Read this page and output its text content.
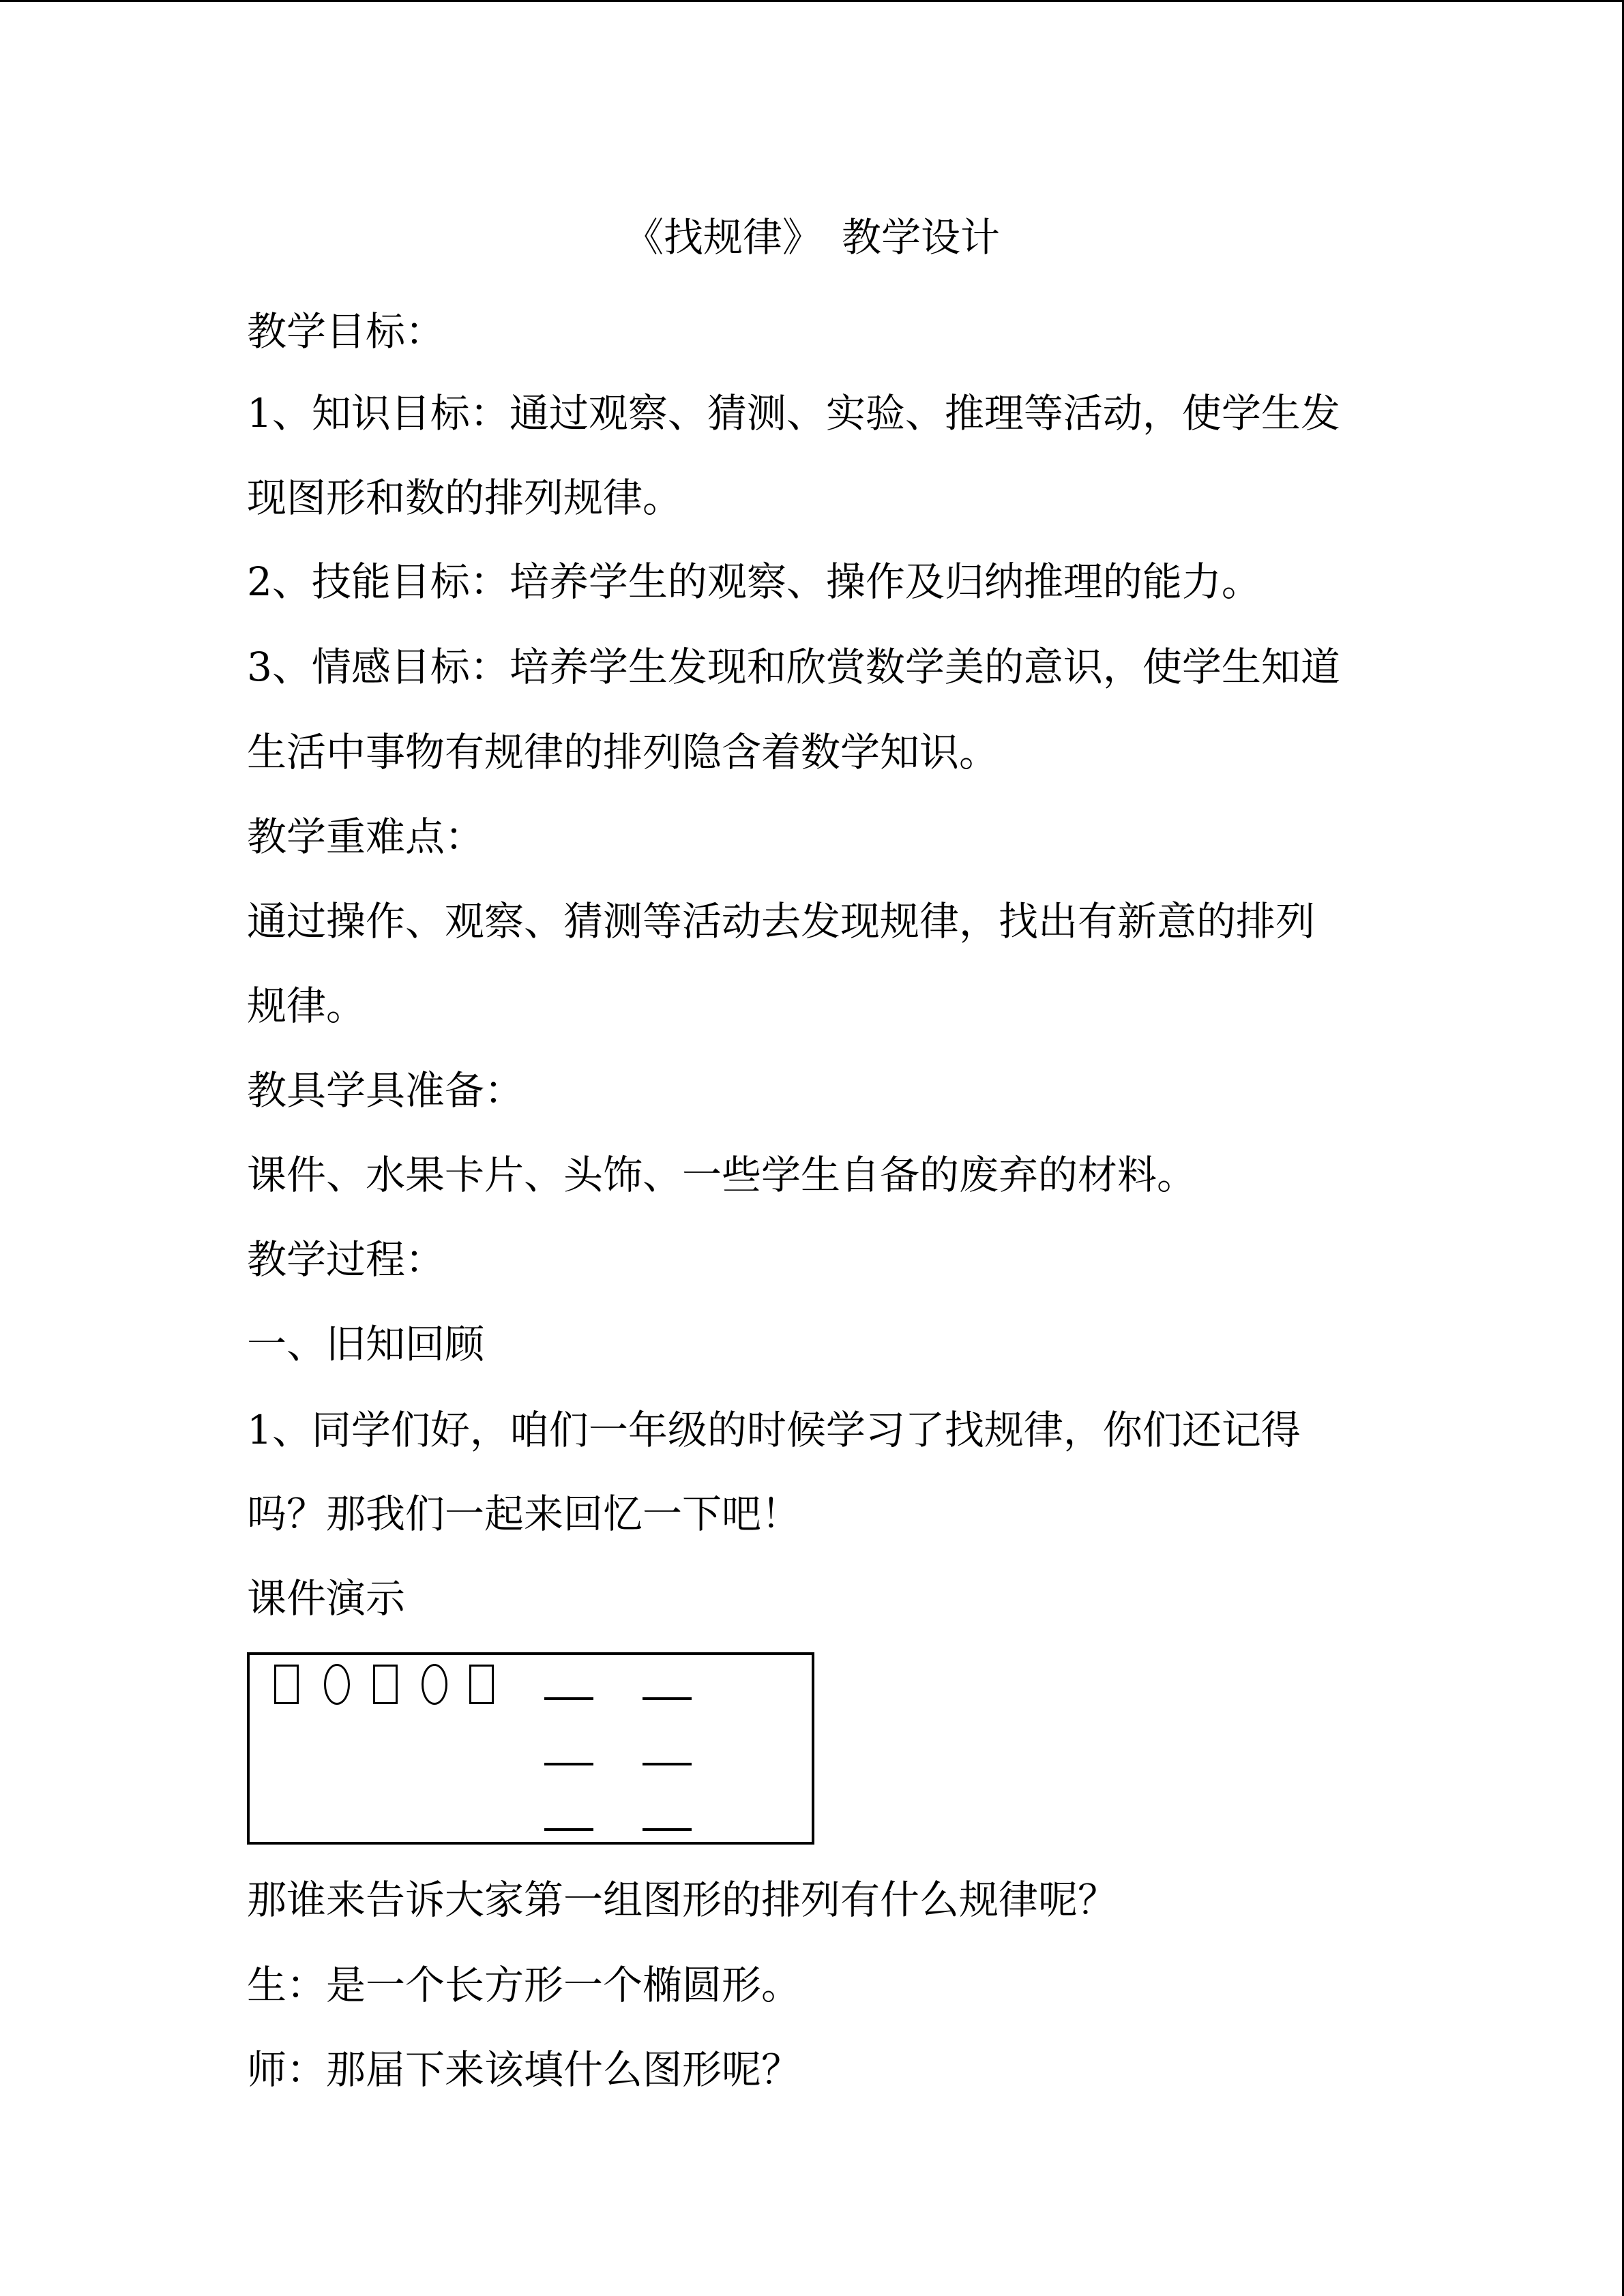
《找规律》　教学设计
教学目标：
1、知识目标：通过观察、猜测、实验、推理等活动，使学生发
现图形和数的排列规律。
2、技能目标：培养学生的观察、操作及归纳推理的能力。
3、情感目标：培养学生发现和欣赏数学美的意识，使学生知道
生活中事物有规律的排列隐含着数学知识。
教学重难点：
通过操作、观察、猜测等活动去发现规律，找出有新意的排列
规律。
教具学具准备：
课件、水果卡片、头饰、一些学生自备的废弃的材料。
教学过程：
一、旧知回顾
1、同学们好，咱们一年级的时候学习了找规律，你们还记得
吗？那我们一起来回忆一下吧！
课件演示
那谁来告诉大家第一组图形的排列有什么规律呢？
生：是一个长方形一个椭圆形。
师：那届下来该填什么图形呢？
